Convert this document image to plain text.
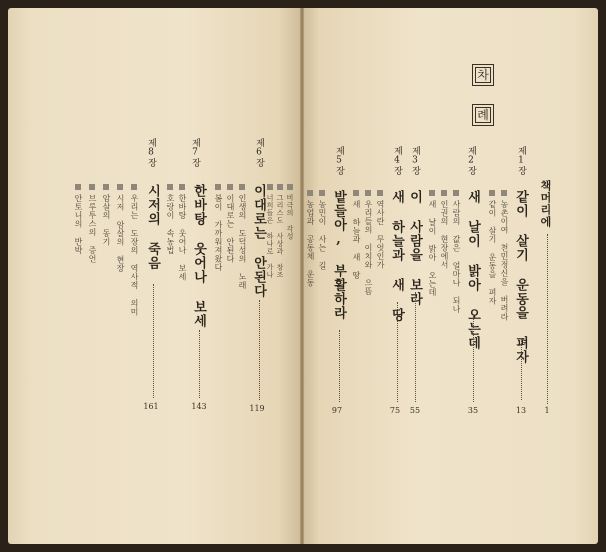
차
례
책머리에
1
제1장
같이 살기 운동을 펴자
13
농촌이여 천민정신을 버려라
같이 살기 운동을 펴자
제2장
새 날이 밝아 오는데
35
사람의 값은 얼마나 되나
인권의 현장에서
새 날이 밝아 오는데
제3장
이 사람을 보라
55
제4장
새 하늘과 새 땅
75
역사란 무엇인가
우리들의 이치와 으뜸
새 하늘과 새 땅
제5장
밭들아, 부활하라
97
농민이 사는 길
농업과 공동체 운동
제6장
이대로는 안된다
119
비극의 각성
그리스도 사상과 창조
너희들은 하나로 가나
인생의 도덕성의 노래
이대로는 안된다
봄이 가까워져왔다
제7장
한바탕 웃어나 보세
143
한바탕 웃어나 보세
호랑이 속농법
제8장
시저의 죽음
161
우리는 도장의 역사적 의미
시저 암살의 현장
암살의 동기
브루투스의 증언
안토니의 반박
